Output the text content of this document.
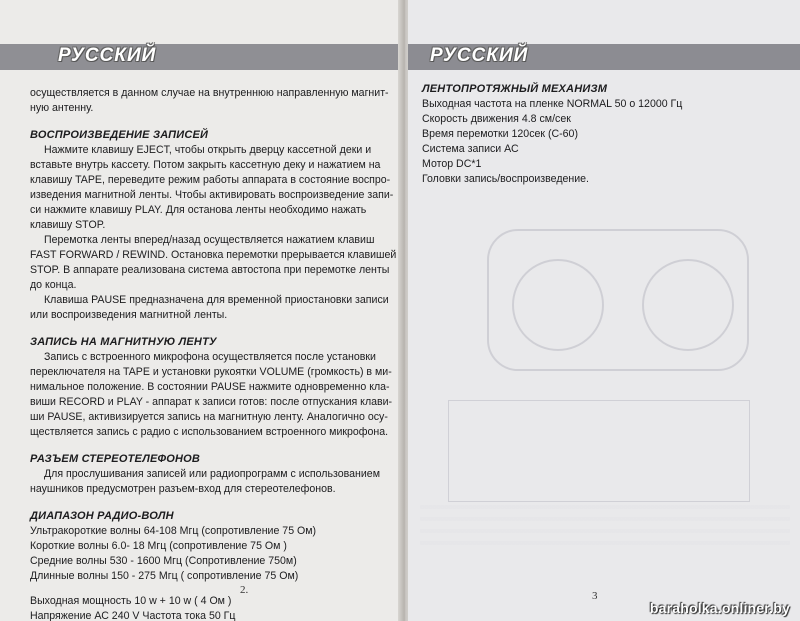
РУССКИЙ

осуществляется в данном случае на внутреннюю направленную магнит-ную антенну.

ВОСПРОИЗВЕДЕНИЕ ЗАПИСЕЙ

Нажмите клавишу EJECT, чтобы открыть дверцу кассетной деки и вставьте внутрь кассету. Потом закрыть кассетную деку и нажатием на клавишу TAPE, переведите режим работы аппарата в состояние воспро-изведения магнитной ленты. Чтобы активировать воспроизведение запи-си нажмите клавишу PLAY. Для останова ленты необходимо нажать клавишу STOP.

Перемотка ленты вперед/назад осуществляется нажатием клавиш FAST FORWARD / REWIND. Остановка перемотки прерывается клавишей STOP. В аппарате реализована система автостопа при перемотке ленты до конца.

Клавиша PAUSE предназначена для временной приостановки записи или воспроизведения магнитной ленты.

ЗАПИСЬ НА МАГНИТНУЮ ЛЕНТУ

Запись с встроенного микрофона осуществляется после установки переключателя на TAPE и установки рукоятки VOLUME (громкость) в ми-нимальное положение. В состоянии PAUSE нажмите одновременно кла-виши RECORD и PLAY - аппарат к записи готов: после отпускания клави-ши PAUSE, активизируется запись на магнитную ленту. Аналогично осу-ществляется запись с радио с использованием встроенного микрофона.

РАЗЪЕМ СТЕРЕОТЕЛЕФОНОВ

Для прослушивания записей или радиопрограмм с использованием наушников предусмотрен разъем-вход для стереотелефонов.

ДИАПАЗОН РАДИО-ВОЛН

Ультракороткие волны 64-108 Мгц (сопротивление 75 Ом)

Короткие волны 6.0- 18 Мгц (сопротивление 75 Ом )

Средние волны 530 - 1600 Мгц (Сопротивление 750м)

Длинные волны 150 - 275 Мгц ( сопротивление 75 Ом)

Выходная мощность 10 w + 10 w ( 4 Ом )

Напряжение АС 240 V Частота тока 50 Гц

2.
РУССКИЙ
ЛЕНТОПРОТЯЖНЫЙ МЕХАНИЗМ

Выходная частота на пленке NORMAL 50 о 12000 Гц

Скорость движения 4.8 см/сек

Время перемотки 120сек (С-60)

Система записи АС

Мотор DC*1

Головки запись/воспроизведение.

3
baraholka.onliner.by
